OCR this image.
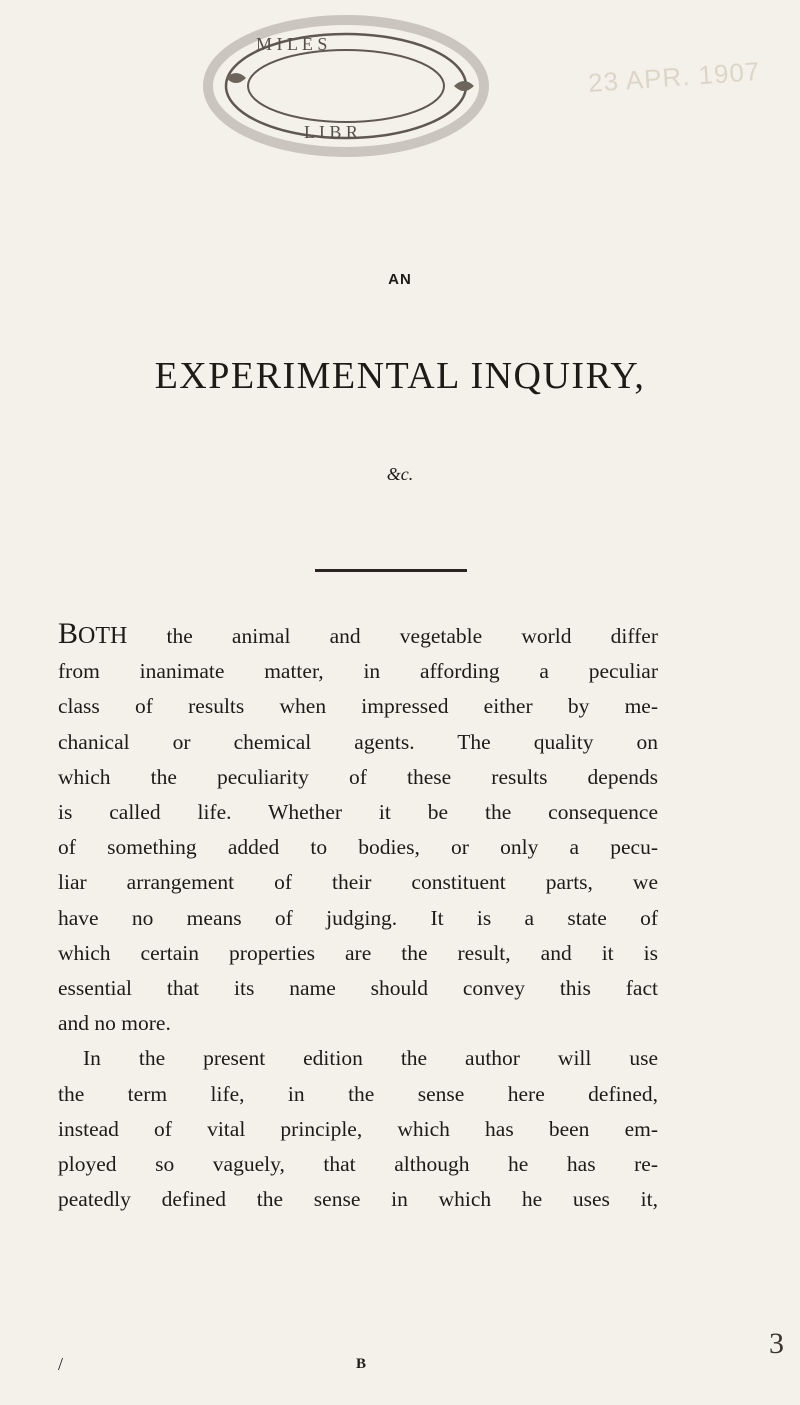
M I L E S
L I B R
23 APR. 1907
AN
EXPERIMENTAL INQUIRY,
&c.

BOTH the animal and vegetable world differ
from inanimate matter, in affording a peculiar
class of results when impressed either by me-
chanical or chemical agents. The quality on
which the peculiarity of these results depends
is called life. Whether it be the consequence
of something added to bodies, or only a pecu-
liar arrangement of their constituent parts, we
have no means of judging. It is a state of
which certain properties are the result, and it is
essential that its name should convey this fact
and no more.

In the present edition the author will use
the term life, in the sense here defined,
instead of vital principle, which has been em-
ployed so vaguely, that although he has re-
peatedly defined the sense in which he uses it,

/	B
3
